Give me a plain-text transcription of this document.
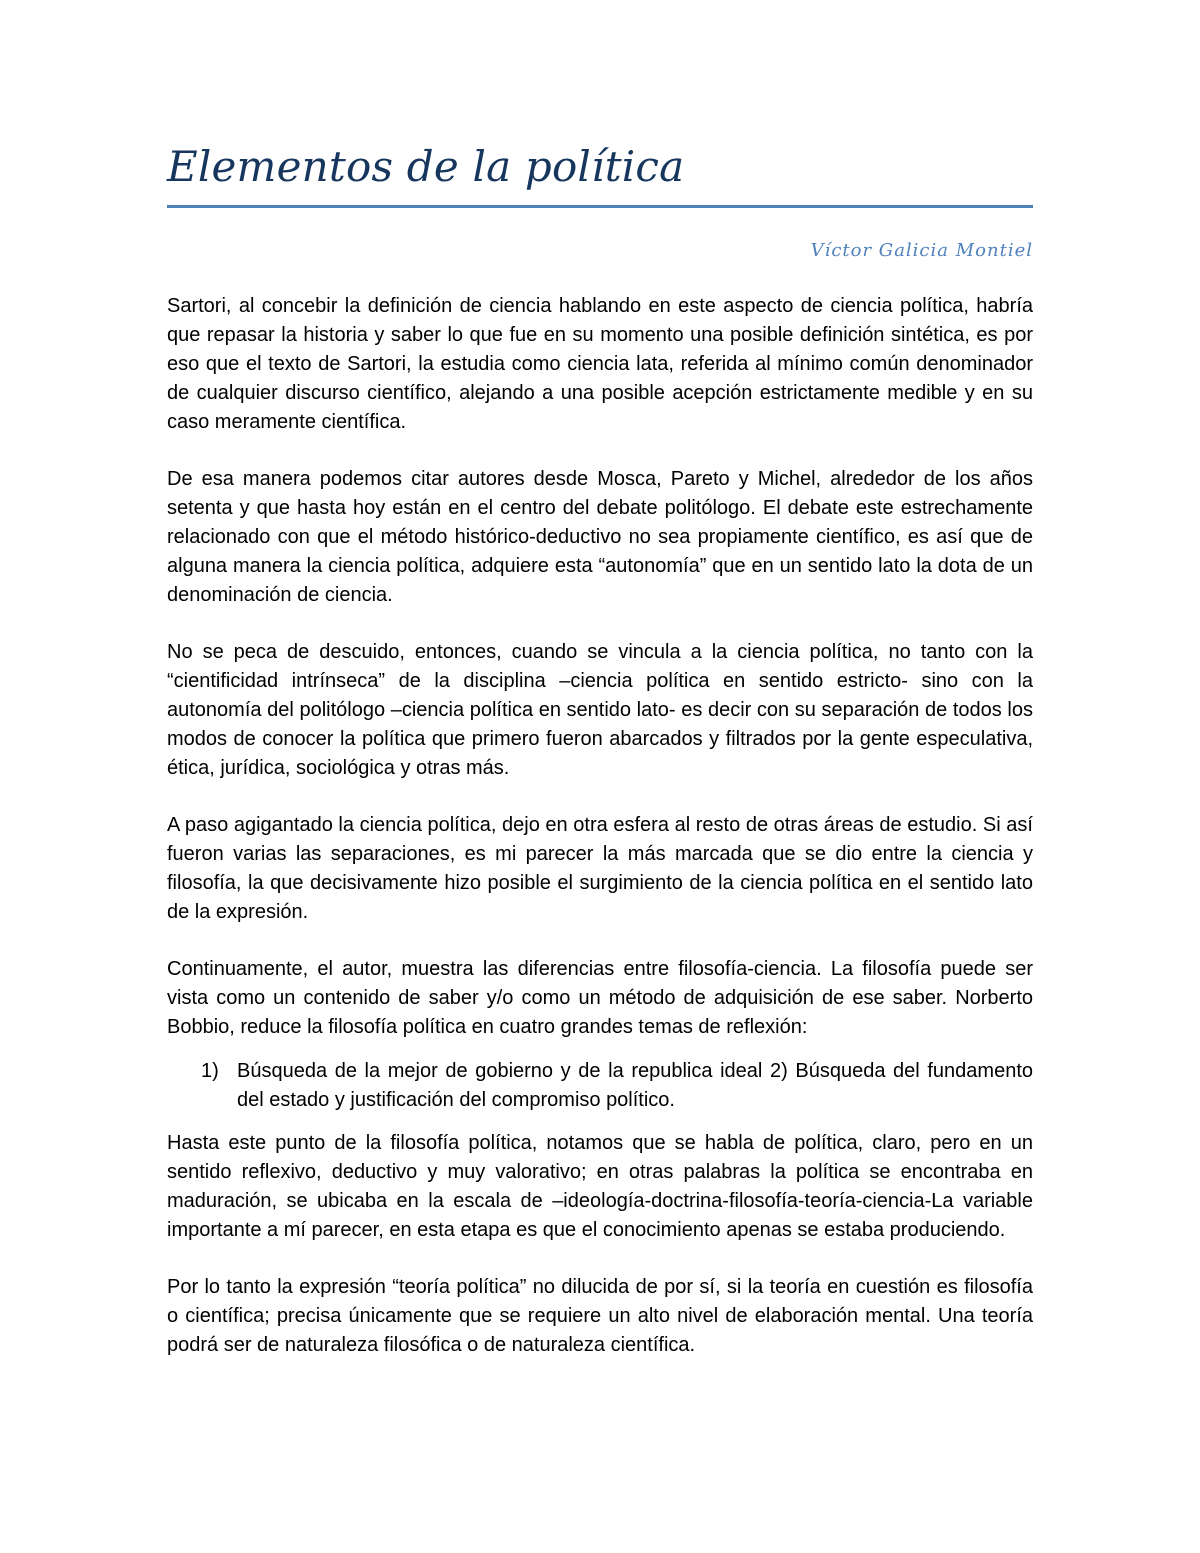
Elementos de la política
Víctor Galicia Montiel

Sartori, al concebir la definición de ciencia hablando en este aspecto de ciencia política, habría que repasar la historia y saber lo que fue en su momento una posible definición sintética, es por eso que el texto de Sartori, la estudia como ciencia lata, referida al mínimo común denominador de cualquier discurso científico, alejando a una posible acepción estrictamente medible y en su caso meramente científica.

De esa manera podemos citar autores desde Mosca, Pareto y Michel, alrededor de los años setenta y que hasta hoy están en el centro del debate politólogo. El debate este estrechamente relacionado con que el método histórico-deductivo no sea propiamente científico, es así que de alguna manera la ciencia política, adquiere esta “autonomía” que en un sentido lato la dota de un denominación de ciencia.

No se peca de descuido, entonces, cuando se vincula a la ciencia política, no tanto con la “cientificidad intrínseca” de la disciplina –ciencia política en sentido estricto- sino con la autonomía del politólogo –ciencia política en sentido lato- es decir con su separación de todos los modos de conocer la política que primero fueron abarcados y filtrados por la gente especulativa, ética, jurídica, sociológica y otras más.

A paso agigantado la ciencia política, dejo en otra esfera al resto de otras áreas de estudio. Si así fueron varias las separaciones, es mi parecer la más marcada que se dio entre la ciencia y filosofía, la que decisivamente hizo posible el surgimiento de la ciencia política en el sentido lato de la expresión.

Continuamente, el autor, muestra las diferencias entre filosofía-ciencia. La filosofía puede ser vista como un contenido de saber y/o como un método de adquisición de ese saber. Norberto Bobbio, reduce la filosofía política en cuatro grandes temas de reflexión:

1) Búsqueda de la mejor de gobierno y de la republica ideal 2) Búsqueda del fundamento del estado y justificación del compromiso político.

Hasta este punto de la filosofía política, notamos que se habla de política, claro, pero en un sentido reflexivo, deductivo y muy valorativo; en otras palabras la política se encontraba en maduración, se ubicaba en la escala de –ideología-doctrina-filosofía-teoría-ciencia-La variable importante a mí parecer, en esta etapa es que el conocimiento apenas se estaba produciendo.

Por lo tanto la expresión “teoría política” no dilucida de por sí, si la teoría en cuestión es filosofía o científica; precisa únicamente que se requiere un alto nivel de elaboración mental. Una teoría podrá ser de naturaleza filosófica o de naturaleza científica.
